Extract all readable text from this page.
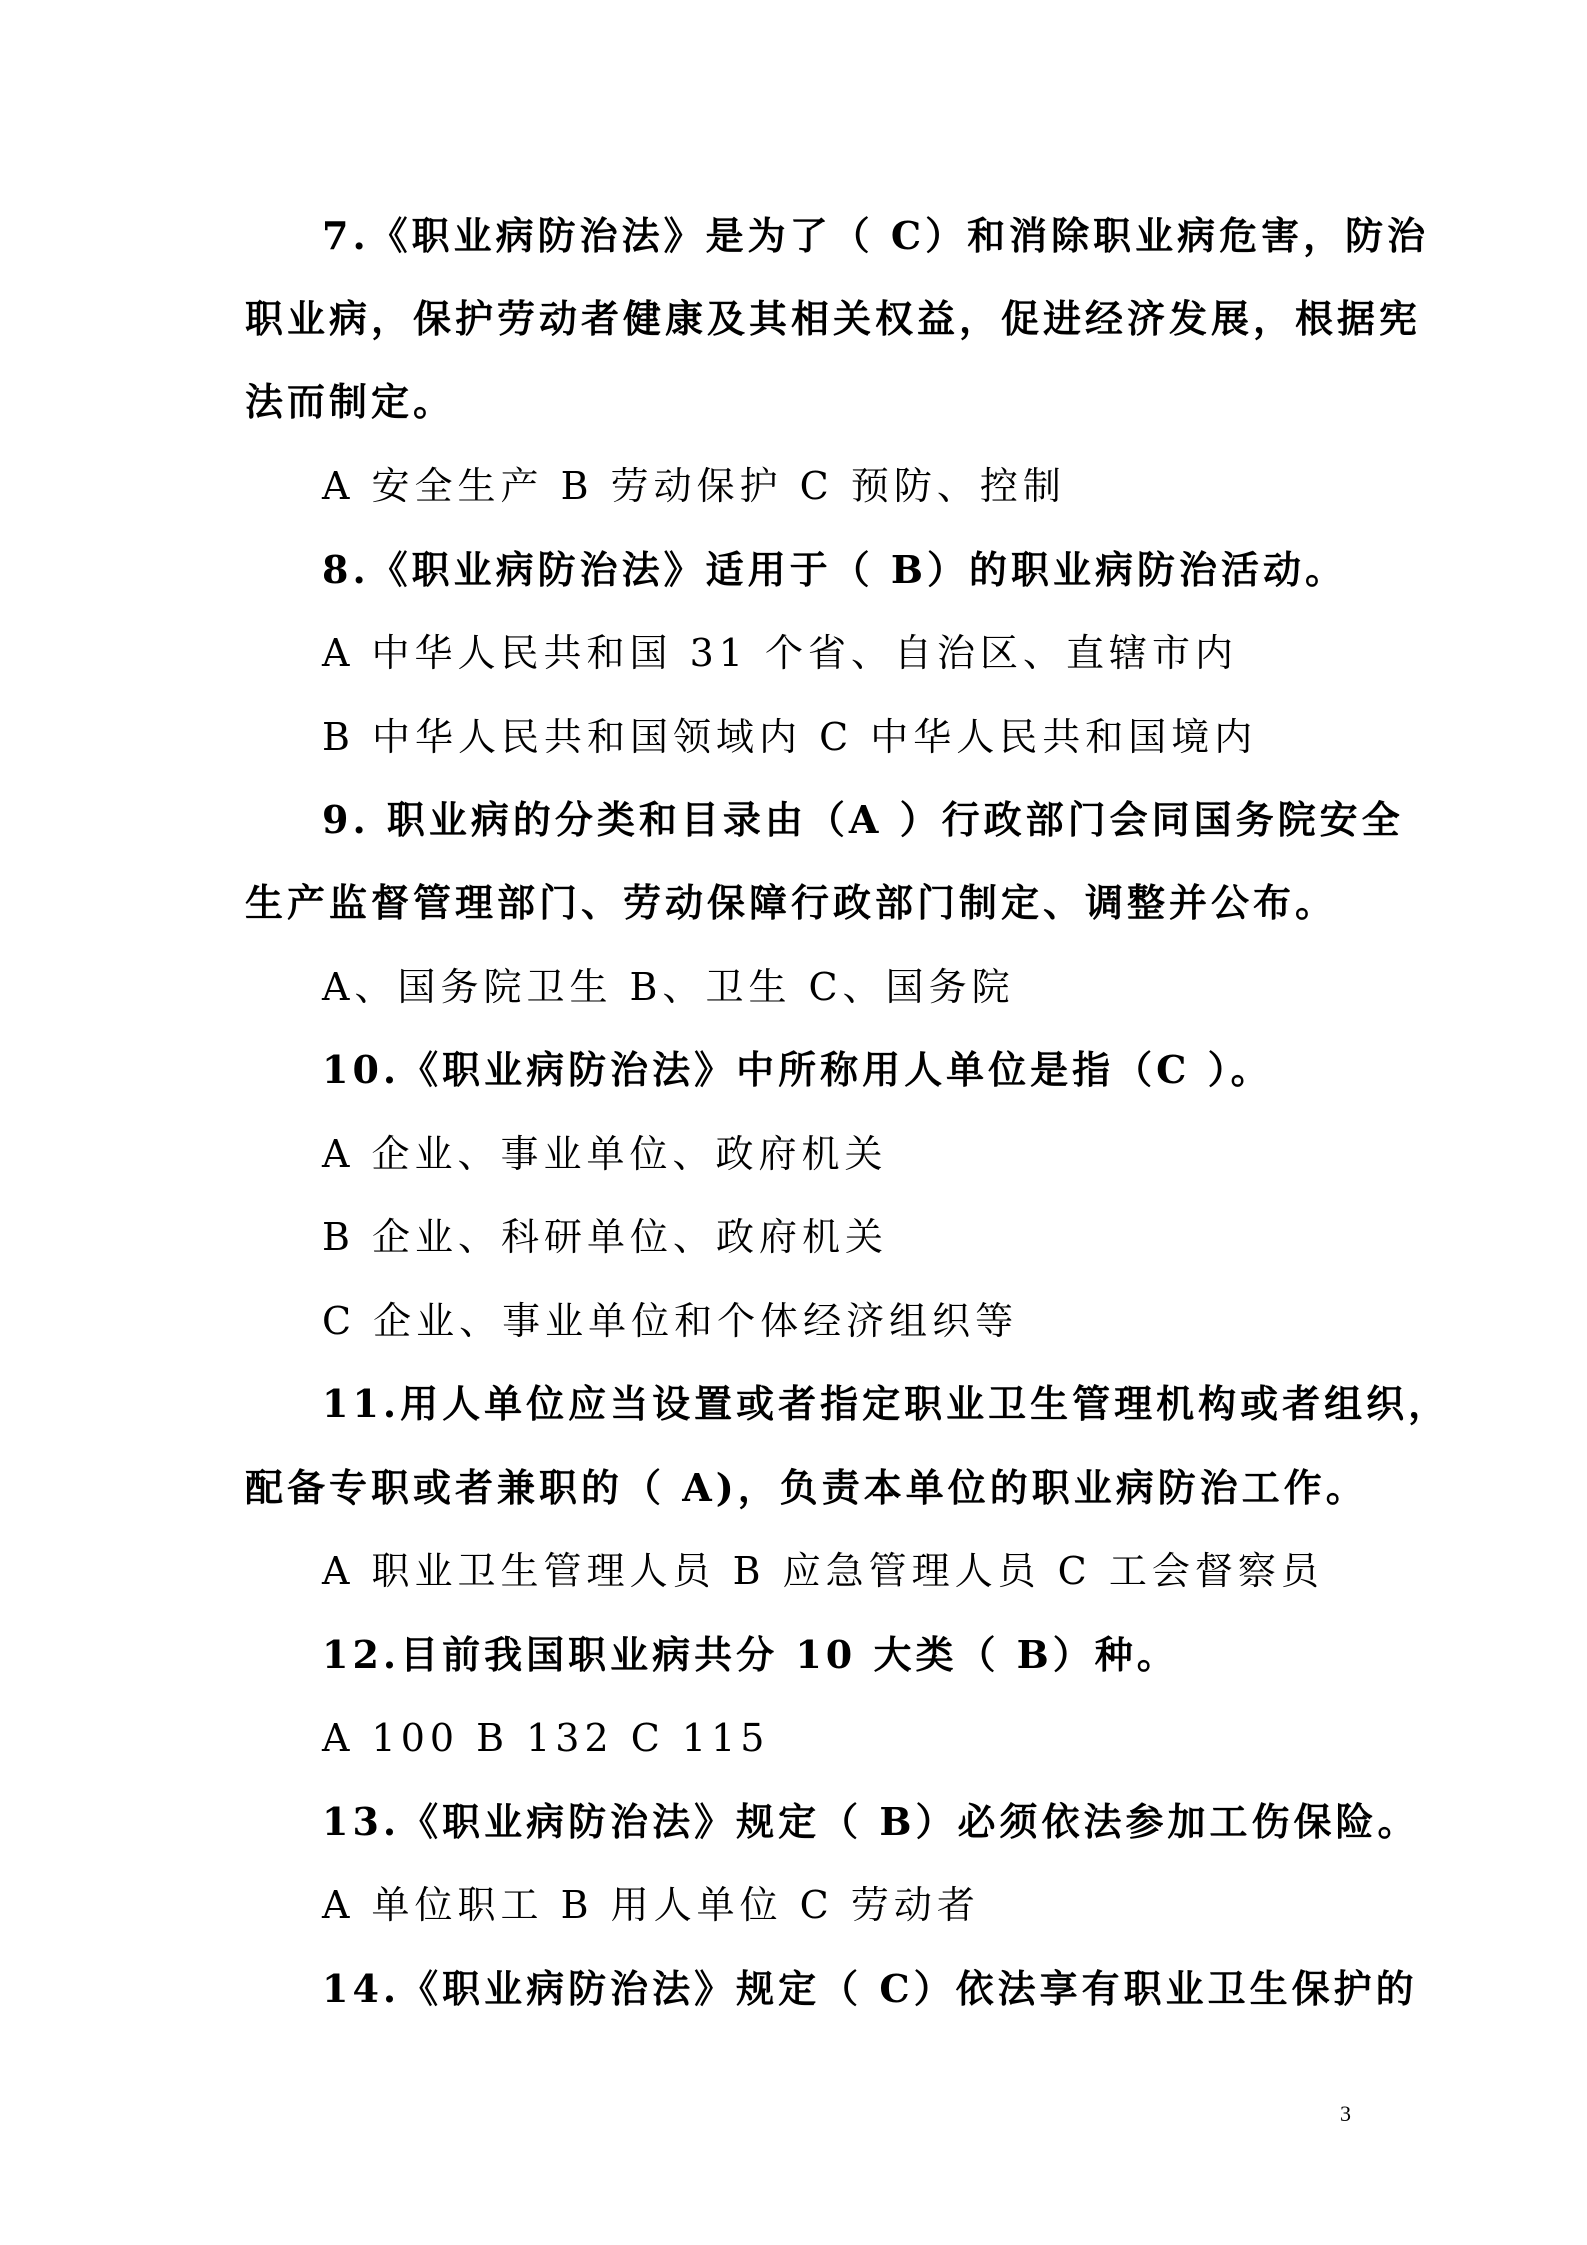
7.《职业病防治法》是为了（ C）和消除职业病危害，防治
职业病，保护劳动者健康及其相关权益，促进经济发展，根据宪
法而制定。
A 安全生产 B 劳动保护 C 预防、控制
8.《职业病防治法》适用于（ B）的职业病防治活动。
A 中华人民共和国 31 个省、自治区、直辖市内
B 中华人民共和国领域内 C 中华人民共和国境内
9. 职业病的分类和目录由（A ）行政部门会同国务院安全
生产监督管理部门、劳动保障行政部门制定、调整并公布。
A、国务院卫生 B、卫生 C、国务院
10.《职业病防治法》中所称用人单位是指（C ）。
A 企业、事业单位、政府机关
B 企业、科研单位、政府机关
C 企业、事业单位和个体经济组织等
11.用人单位应当设置或者指定职业卫生管理机构或者组织，
配备专职或者兼职的（ A)，负责本单位的职业病防治工作。
A 职业卫生管理人员 B 应急管理人员 C 工会督察员
12.目前我国职业病共分 10 大类（ B）种。
A 100 B 132 C 115
13.《职业病防治法》规定（ B）必须依法参加工伤保险。
A 单位职工 B 用人单位 C 劳动者
14.《职业病防治法》规定（ C）依法享有职业卫生保护的
3
